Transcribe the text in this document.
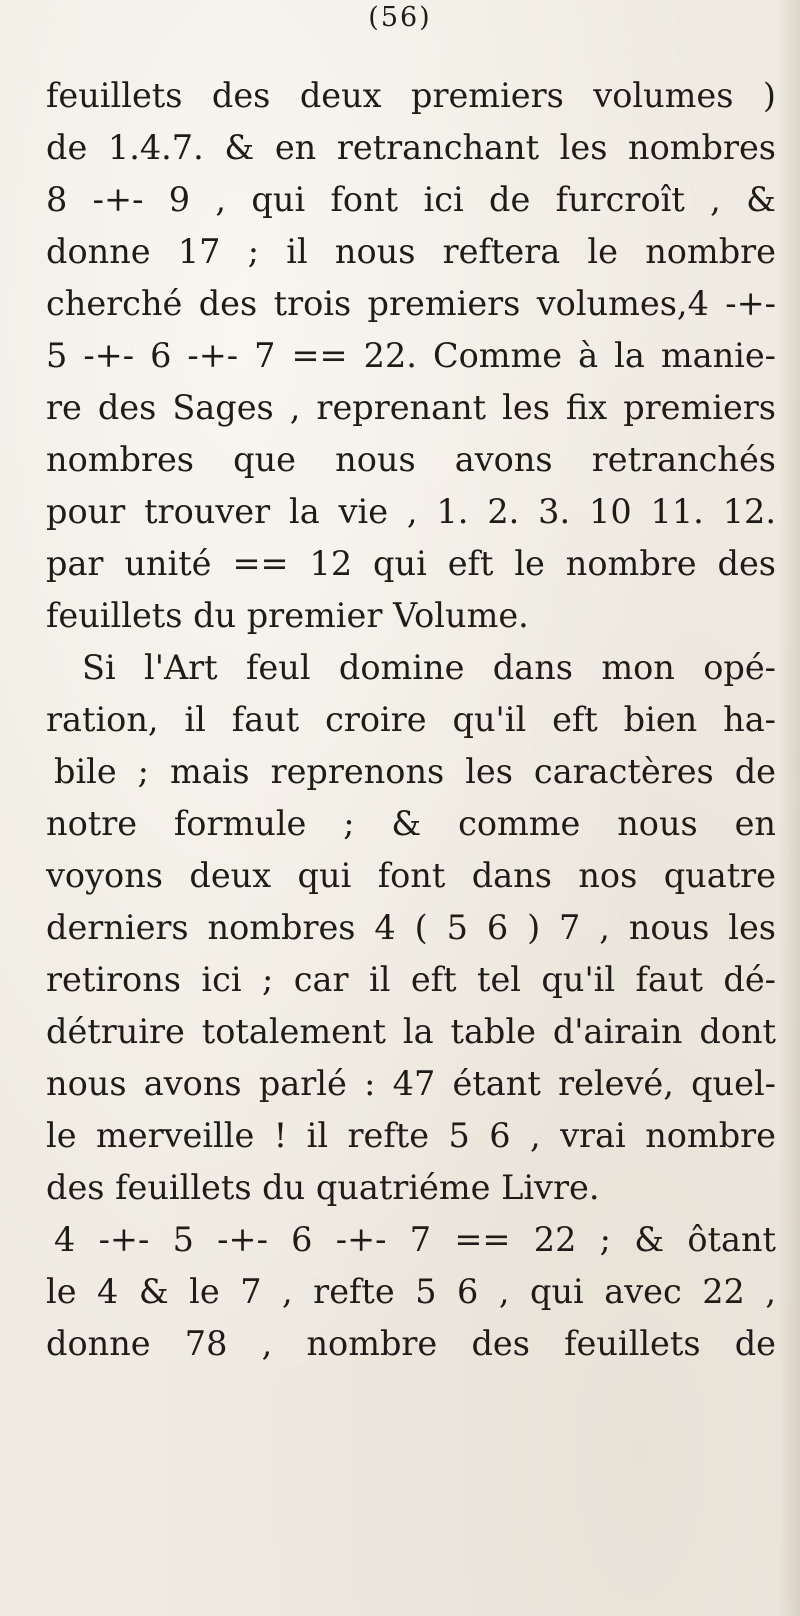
(56)
feuillets des deux premiers volumes )
de 1.4.7. & en retranchant les nombres
8 -+- 9 , qui font ici de furcroît , &
donne 17 ; il nous reftera le nombre
cherché des trois premiers volumes,4 -+-
5 -+- 6 -+- 7 == 22. Comme à la manie-
re des Sages , reprenant les fix premiers
nombres que nous avons retranchés
pour trouver la vie , 1. 2. 3. 10 11. 12.
par unité == 12 qui eft le nombre des
feuillets du premier Volume.
Si l'Art feul domine dans mon opé-
ration, il faut croire qu'il eft bien ha-
bile ; mais reprenons les caractères de
notre formule ; & comme nous en
voyons deux qui font dans nos quatre
derniers nombres 4 ( 5 6 ) 7 , nous les
retirons ici ; car il eft tel qu'il faut dé-
détruire totalement la table d'airain dont
nous avons parlé : 47 étant relevé, quel-
le merveille ! il refte 5 6 , vrai nombre
des feuillets du quatriéme Livre.
4 -+- 5 -+- 6 -+- 7 == 22 ; & ôtant
le 4 & le 7 , refte 5 6 , qui avec 22 ,
donne 78 , nombre des feuillets de
